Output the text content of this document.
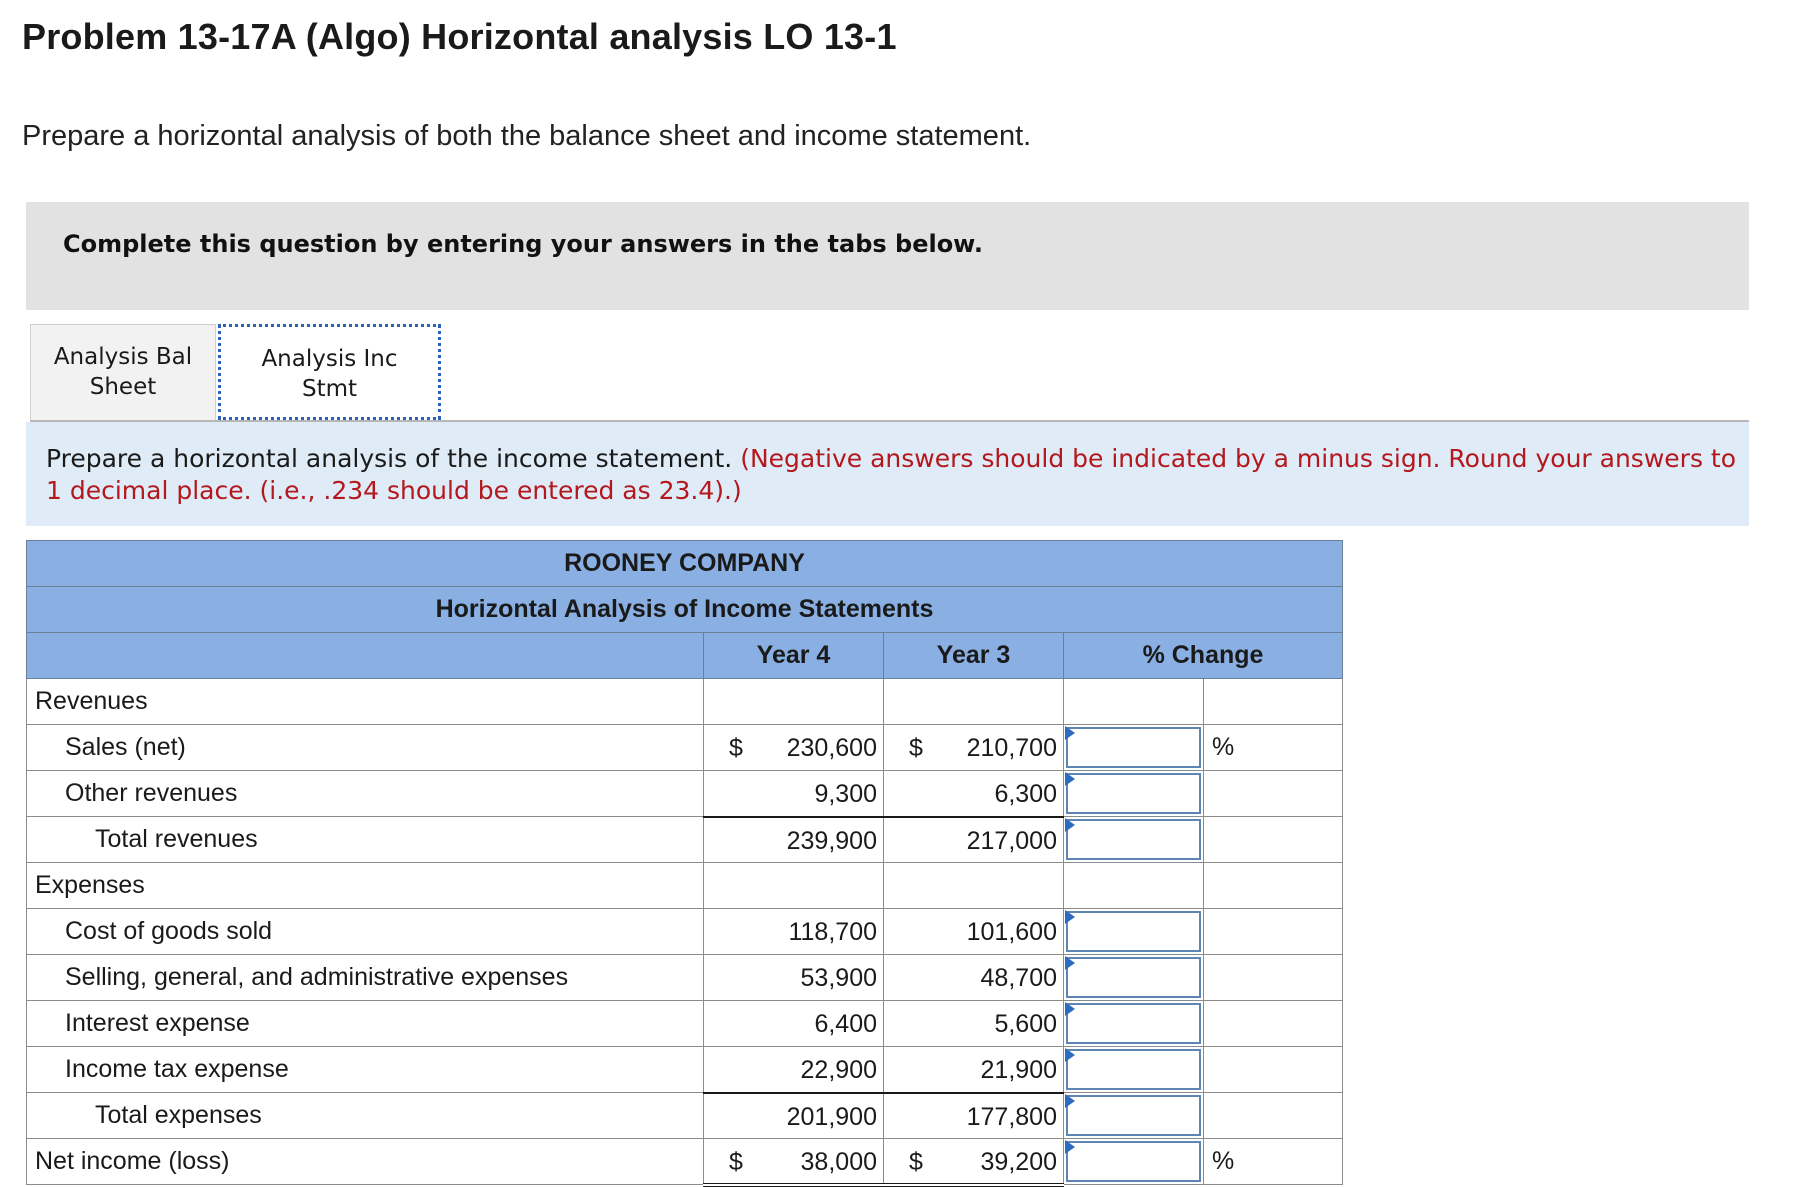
Problem 13-17A (Algo) Horizontal analysis LO 13-1

Prepare a horizontal analysis of both the balance sheet and income statement.

Complete this question by entering your answers in the tabs below.
Analysis Bal
Sheet
Analysis Inc
Stmt
Prepare a horizontal analysis of the income statement. (Negative answers should be indicated by a minus sign. Round your answers to 1 decimal place. (i.e., .234 should be entered as 23.4).)
ROONEY COMPANY				
Horizontal Analysis of Income Statements				
	Year 4	Year 3	% Change	
Revenues				
Sales (net)	$ 230,600	$ 210,700		%
Other revenues	9,300	6,300		

Total revenues	239,900	217,000		

Expenses				
Cost of goods sold	118,700	101,600		

Selling, general, and administrative expenses	53,900	48,700		

Interest expense	6,400	5,600		

Income tax expense	22,900	21,900		

Total expenses	201,900	177,800		

Net income (loss)	$ 38,000	$ 39,200		%
